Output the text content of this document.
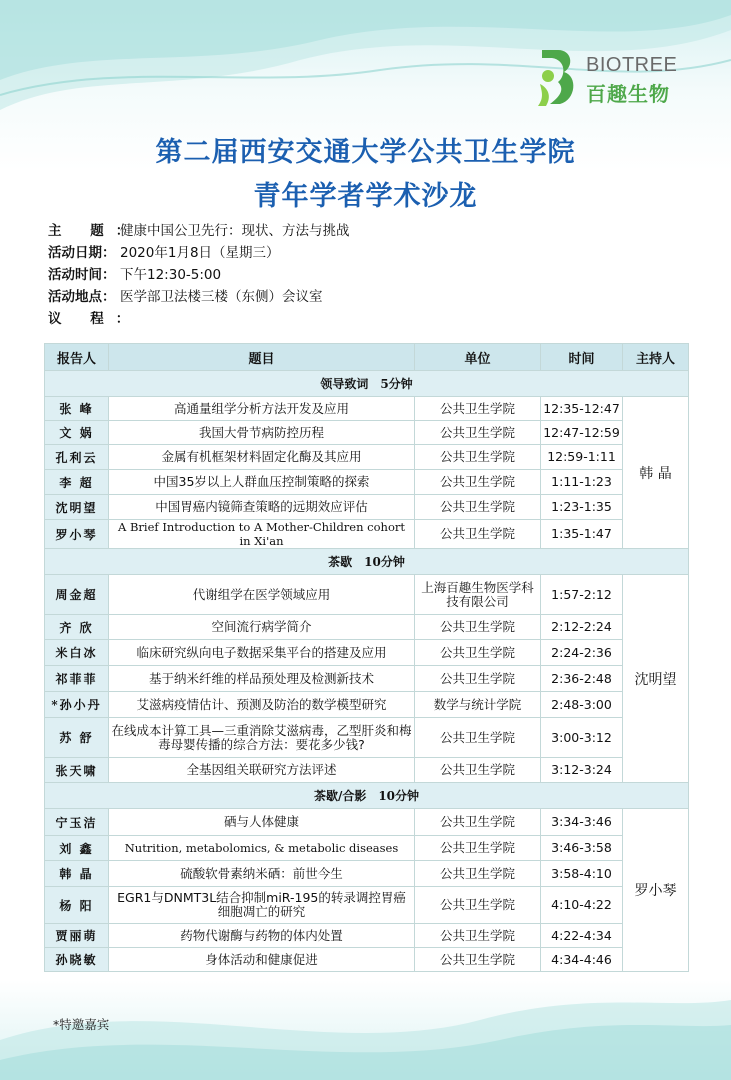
BIOTREE
百趣生物
第二届西安交通大学公共卫生学院
青年学者学术沙龙
主 题：健康中国公卫先行：现状、方法与挑战
活动日期： 2020年1月8日（星期三）
活动时间： 下午12:30-5:00
活动地点： 医学部卫法楼三楼（东侧）会议室
议 程：
报告人	题目	单位	时间	主持人
领导致词　5分钟				
张 峰	高通量组学分析方法开发及应用	公共卫生学院	12:35-12:47	韩 晶
文 娲	我国大骨节病防控历程	公共卫生学院	12:47-12:59	
孔利云	金属有机框架材料固定化酶及其应用	公共卫生学院	12:59-1:11	
李 超	中国35岁以上人群血压控制策略的探索	公共卫生学院	1:11-1:23	
沈明望	中国胃癌内镜筛查策略的远期效应评估	公共卫生学院	1:23-1:35	
罗小琴	A Brief Introduction to A Mother-Children cohort in Xi'an	公共卫生学院	1:35-1:47	
茶歇　10分钟				
周金超	代谢组学在医学领域应用	上海百趣生物医学科技有限公司	1:57-2:12	沈明望
齐 欣	空间流行病学简介	公共卫生学院	2:12-2:24	
米白冰	临床研究纵向电子数据采集平台的搭建及应用	公共卫生学院	2:24-2:36	
祁菲菲	基于纳米纤维的样品预处理及检测新技术	公共卫生学院	2:36-2:48	
*孙小丹	艾滋病疫情估计、预测及防治的数学模型研究	数学与统计学院	2:48-3:00	
苏 舒	在线成本计算工具—三重消除艾滋病毒，乙型肝炎和梅毒母婴传播的综合方法：要花多少钱?	公共卫生学院	3:00-3:12	
张天啸	全基因组关联研究方法评述	公共卫生学院	3:12-3:24	
茶歇/合影　10分钟				
宁玉洁	硒与人体健康	公共卫生学院	3:34-3:46	罗小琴
刘 鑫	Nutrition, metabolomics, & metabolic diseases	公共卫生学院	3:46-3:58	
韩 晶	硫酸软骨素纳米硒：前世今生	公共卫生学院	3:58-4:10	
杨 阳	EGR1与DNMT3L结合抑制miR-195的转录调控胃癌细胞凋亡的研究	公共卫生学院	4:10-4:22	
贾丽萌	药物代谢酶与药物的体内处置	公共卫生学院	4:22-4:34	
孙晓敏	身体活动和健康促进	公共卫生学院	4:34-4:46	
*特邀嘉宾
